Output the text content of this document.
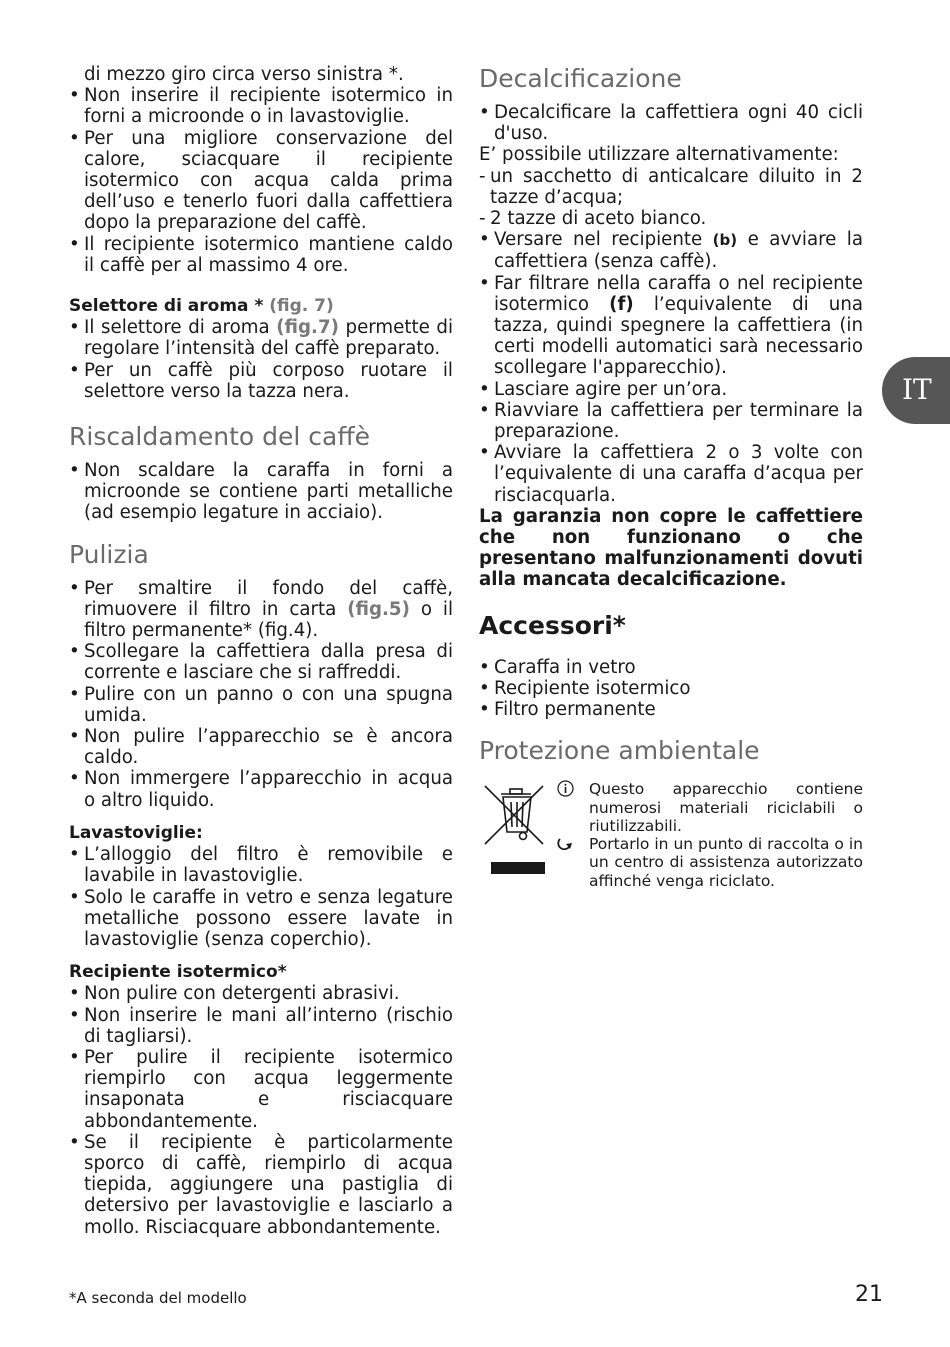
di mezzo giro circa verso sinistra *.

• Non inserire il recipiente isotermico in forni a microonde o in lavastoviglie.
• Per una migliore conservazione del calore, sciacquare il recipiente isotermico con acqua calda prima dell’uso e tenerlo fuori dalla caffettiera dopo la preparazione del caffè.
• Il recipiente isotermico mantiene caldo il caffè per al massimo 4 ore.

Selettore di aroma * (fig. 7)

• Il selettore di aroma (fig.7) permette di regolare l’intensità del caffè preparato.
• Per un caffè più corposo ruotare il selettore verso la tazza nera.
Riscaldamento del caffè
• Non scaldare la caraffa in forni a microonde se contiene parti metalliche (ad esempio legature in acciaio).
Pulizia
• Per smaltire il fondo del caffè, rimuovere il filtro in carta (fig.5) o il filtro permanente* (fig.4).
• Scollegare la caffettiera dalla presa di corrente e lasciare che si raffreddi.
• Pulire con un panno o con una spugna umida.
• Non pulire l’apparecchio se è ancora caldo.
• Non immergere l’apparecchio in acqua o altro liquido.

Lavastoviglie:

• L’alloggio del filtro è removibile e lavabile in lavastoviglie.
• Solo le caraffe in vetro e senza legature metalliche possono essere lavate in lavastoviglie (senza coperchio).

Recipiente isotermico*

• Non pulire con detergenti abrasivi.
• Non inserire le mani all’interno (rischio di tagliarsi).
• Per pulire il recipiente isotermico riempirlo con acqua leggermente insaponata e risciacquare abbondantemente.
• Se il recipiente è particolarmente sporco di caffè, riempirlo di acqua tiepida, aggiungere una pastiglia di detersivo per lavastoviglie e lasciarlo a mollo. Risciacquare abbondantemente.
Decalcificazione
• Decalcificare la caffettiera ogni 40 cicli d'uso.

E’ possibile utilizzare alternativamente:

- un sacchetto di anticalcare diluito in 2 tazze d’acqua;
- 2 tazze di aceto bianco.
• Versare nel recipiente (b) e avviare la caffettiera (senza caffè).
• Far filtrare nella caraffa o nel recipiente isotermico (f) l’equivalente di una tazza, quindi spegnere la caffettiera (in certi modelli automatici sarà necessario scollegare l'apparecchio).
• Lasciare agire per un’ora.
• Riavviare la caffettiera per terminare la preparazione.
• Avviare la caffettiera 2 o 3 volte con l’equivalente di una caraffa d’acqua per risciacquarla.

La garanzia non copre le caffettiere che non funzionano o che presentano malfunzionamenti dovuti alla mancata decalcificazione.

Accessori*
• Caraffa in vetro
• Recipiente isotermico
• Filtro permanente
Protezione ambientale

Questo apparecchio contiene numerosi materiali riciclabili o riutilizzabili.

Portarlo in un punto di raccolta o in un centro di assistenza autorizzato affinché venga riciclato.

IT
*A seconda del modello	21
